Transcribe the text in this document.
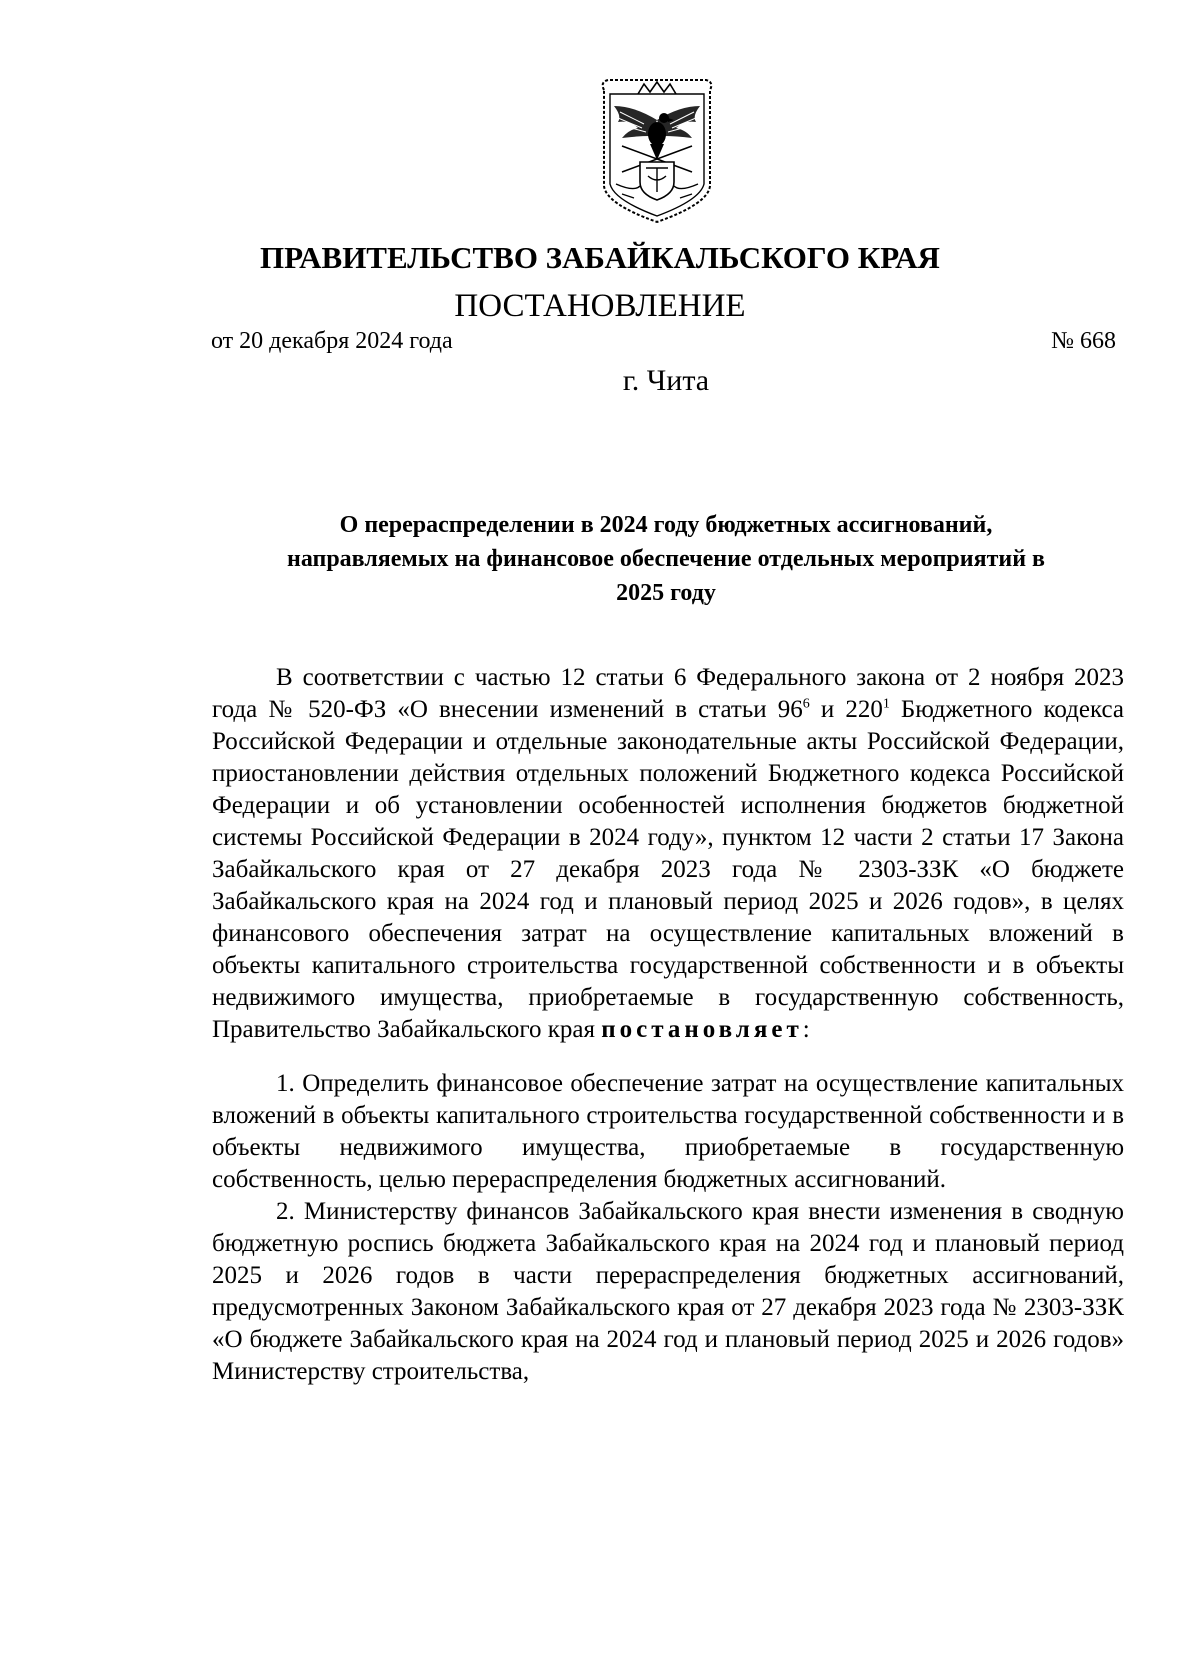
ПРАВИТЕЛЬСТВО ЗАБАЙКАЛЬСКОГО КРАЯ
ПОСТАНОВЛЕНИЕ
от 20 декабря 2024 года	№ 668
г. Чита
О перераспределении в 2024 году бюджетных ассигнований,
направляемых на финансовое обеспечение отдельных мероприятий в
2025 году

В соответствии с частью 12 статьи 6 Федерального закона от 2 ноября 2023 года № 520-ФЗ «О внесении изменений в статьи $96^6$ и $220^1$ Бюджетного кодекса Российской Федерации и отдельные законодательные акты Российской Федерации, приостановлении действия отдельных положений Бюджетного кодекса Российской Федерации и об установлении особенностей исполнения бюджетов бюджетной системы Российской Федерации в 2024 году», пунктом 12 части 2 статьи 17 Закона Забайкальского края от 27 декабря 2023 года № 2303-ЗЗК «О бюджете Забайкальского края на 2024 год и плановый период 2025 и 2026 годов», в целях финансового обеспечения затрат на осуществление капитальных вложений в объекты капитального строительства государственной собственности и в объекты недвижимого имущества, приобретаемые в государственную собственность, Правительство Забайкальского края постановляет:

1. Определить финансовое обеспечение затрат на осуществление капитальных вложений в объекты капитального строительства государственной собственности и в объекты недвижимого имущества, приобретаемые в государственную собственность, целью перераспределения бюджетных ассигнований.

2. Министерству финансов Забайкальского края внести изменения в сводную бюджетную роспись бюджета Забайкальского края на 2024 год и плановый период 2025 и 2026 годов в части перераспределения бюджетных ассигнований, предусмотренных Законом Забайкальского края от 27 декабря 2023 года № 2303-ЗЗК «О бюджете Забайкальского края на 2024 год и плановый период 2025 и 2026 годов» Министерству строительства,
